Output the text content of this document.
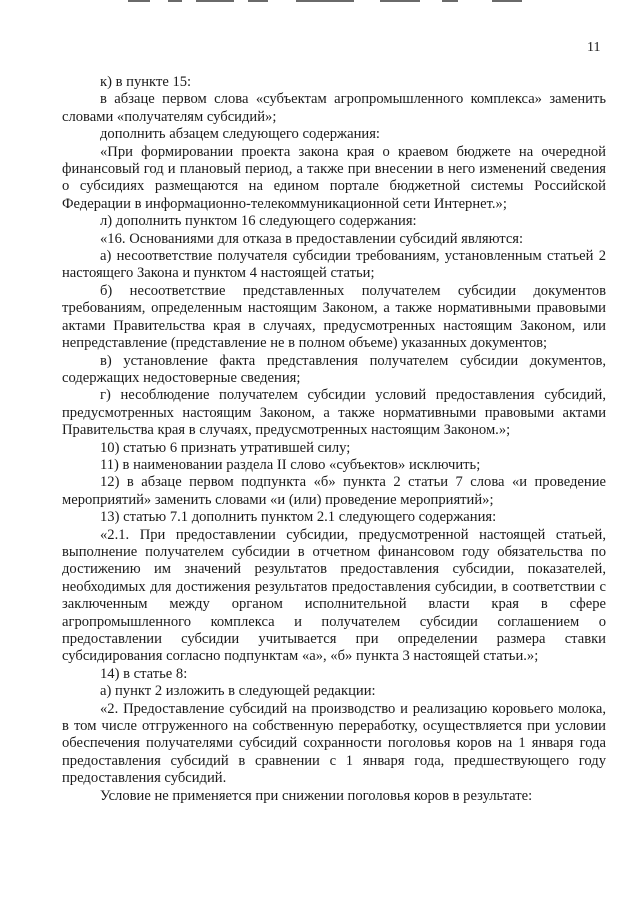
11

к) в пункте 15:

в абзаце первом слова «субъектам агропромышленного комплекса» заменить словами «получателям субсидий»;

дополнить абзацем следующего содержания:

«При формировании проекта закона края о краевом бюджете на очередной финансовый год и плановый период, а также при внесении в него изменений сведения о субсидиях размещаются на едином портале бюджетной системы Российской Федерации в информационно-телекоммуникационной сети Интернет.»;

л) дополнить пунктом 16 следующего содержания:

«16. Основаниями для отказа в предоставлении субсидий являются:

а) несоответствие получателя субсидии требованиям, установленным статьей 2 настоящего Закона и пунктом 4 настоящей статьи;

б) несоответствие представленных получателем субсидии документов требованиям, определенным настоящим Законом, а также нормативными правовыми актами Правительства края в случаях, предусмотренных настоящим Законом, или непредставление (представление не в полном объеме) указанных документов;

в) установление факта представления получателем субсидии документов, содержащих недостоверные сведения;

г) несоблюдение получателем субсидии условий предоставления субсидий, предусмотренных настоящим Законом, а также нормативными правовыми актами Правительства края в случаях, предусмотренных настоящим Законом.»;

10) статью 6 признать утратившей силу;

11) в наименовании раздела II слово «субъектов» исключить;

12) в абзаце первом подпункта «б» пункта 2 статьи 7 слова «и проведение мероприятий» заменить словами «и (или) проведение мероприятий»;

13) статью 7.1 дополнить пунктом 2.1 следующего содержания:

«2.1. При предоставлении субсидии, предусмотренной настоящей статьей, выполнение получателем субсидии в отчетном финансовом году обязательства по достижению им значений результатов предоставления субсидии, показателей, необходимых для достижения результатов предоставления субсидии, в соответствии с заключенным между органом исполнительной власти края в сфере агропромышленного комплекса и получателем субсидии соглашением о предоставлении субсидии учитывается при определении размера ставки субсидирования согласно подпунктам «а», «б» пункта 3 настоящей статьи.»;

14) в статье 8:

а) пункт 2 изложить в следующей редакции:

«2. Предоставление субсидий на производство и реализацию коровьего молока, в том числе отгруженного на собственную переработку, осуществляется при условии обеспечения получателями субсидий сохранности поголовья коров на 1 января года предоставления субсидий в сравнении с 1 января года, предшествующего году предоставления субсидий.

Условие не применяется при снижении поголовья коров в результате:
